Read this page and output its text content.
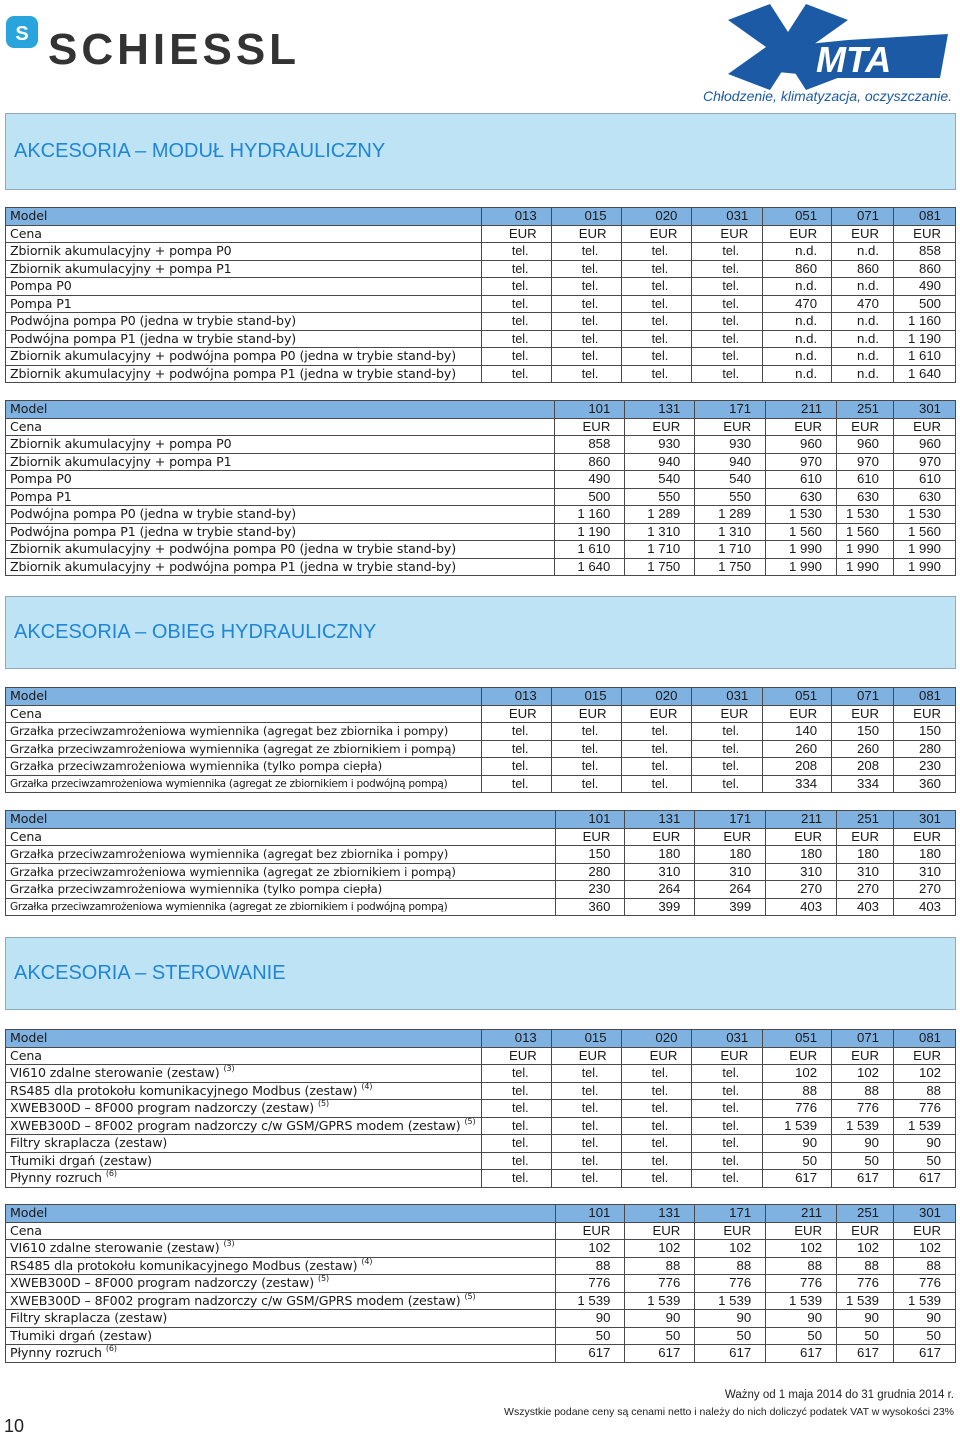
S SCHIESSL	MTA
Chłodzenie, klimatyzacja, oczyszczanie.
AKCESORIA – MODUŁ HYDRAULICZNY
AKCESORIA – OBIEG HYDRAULICZNY
AKCESORIA – STEROWANIE
Model	013	015	020	031	051	071	081
Cena	EUR	EUR	EUR	EUR	EUR	EUR	EUR
Zbiornik akumulacyjny + pompa P0	tel.	tel.	tel.	tel.	n.d.	n.d.	858
Zbiornik akumulacyjny + pompa P1	tel.	tel.	tel.	tel.	860	860	860
Pompa P0	tel.	tel.	tel.	tel.	n.d.	n.d.	490
Pompa P1	tel.	tel.	tel.	tel.	470	470	500
Podwójna pompa P0 (jedna w trybie stand-by)	tel.	tel.	tel.	tel.	n.d.	n.d.	1 160
Podwójna pompa P1 (jedna w trybie stand-by)	tel.	tel.	tel.	tel.	n.d.	n.d.	1 190
Zbiornik akumulacyjny + podwójna pompa P0 (jedna w trybie stand-by)	tel.	tel.	tel.	tel.	n.d.	n.d.	1 610
Zbiornik akumulacyjny + podwójna pompa P1 (jedna w trybie stand-by)	tel.	tel.	tel.	tel.	n.d.	n.d.	1 640
Model	101	131	171	211	251	301
Cena	EUR	EUR	EUR	EUR	EUR	EUR
Zbiornik akumulacyjny + pompa P0	858	930	930	960	960	960
Zbiornik akumulacyjny + pompa P1	860	940	940	970	970	970
Pompa P0	490	540	540	610	610	610
Pompa P1	500	550	550	630	630	630
Podwójna pompa P0 (jedna w trybie stand-by)	1 160	1 289	1 289	1 530	1 530	1 530
Podwójna pompa P1 (jedna w trybie stand-by)	1 190	1 310	1 310	1 560	1 560	1 560
Zbiornik akumulacyjny + podwójna pompa P0 (jedna w trybie stand-by)	1 610	1 710	1 710	1 990	1 990	1 990
Zbiornik akumulacyjny + podwójna pompa P1 (jedna w trybie stand-by)	1 640	1 750	1 750	1 990	1 990	1 990
Model	013	015	020	031	051	071	081
Cena	EUR	EUR	EUR	EUR	EUR	EUR	EUR
Grzałka przeciwzamrożeniowa wymiennika (agregat bez zbiornika i pompy)	tel.	tel.	tel.	tel.	140	150	150
Grzałka przeciwzamrożeniowa wymiennika (agregat ze zbiornikiem i pompą)	tel.	tel.	tel.	tel.	260	260	280
Grzałka przeciwzamrożeniowa wymiennika (tylko pompa ciepła)	tel.	tel.	tel.	tel.	208	208	230
Grzałka przeciwzamrożeniowa wymiennika (agregat ze zbiornikiem i podwójną pompą)	tel.	tel.	tel.	tel.	334	334	360
Model	101	131	171	211	251	301
Cena	EUR	EUR	EUR	EUR	EUR	EUR
Grzałka przeciwzamrożeniowa wymiennika (agregat bez zbiornika i pompy)	150	180	180	180	180	180
Grzałka przeciwzamrożeniowa wymiennika (agregat ze zbiornikiem i pompą)	280	310	310	310	310	310
Grzałka przeciwzamrożeniowa wymiennika (tylko pompa ciepła)	230	264	264	270	270	270
Grzałka przeciwzamrożeniowa wymiennika (agregat ze zbiornikiem i podwójną pompą)	360	399	399	403	403	403
Model	013	015	020	031	051	071	081
Cena	EUR	EUR	EUR	EUR	EUR	EUR	EUR
VI610 zdalne sterowanie (zestaw) $^{(3)}$	tel.	tel.	tel.	tel.	102	102	102
RS485 dla protokołu komunikacyjnego Modbus (zestaw) $^{(4)}$	tel.	tel.	tel.	tel.	88	88	88
XWEB300D – 8F000 program nadzorczy (zestaw) $^{(5)}$	tel.	tel.	tel.	tel.	776	776	776
XWEB300D – 8F002 program nadzorczy c/w GSM/GPRS modem (zestaw) $^{(5)}$	tel.	tel.	tel.	tel.	1 539	1 539	1 539
Filtry skraplacza (zestaw)	tel.	tel.	tel.	tel.	90	90	90
Tłumiki drgań (zestaw)	tel.	tel.	tel.	tel.	50	50	50
Płynny rozruch $^{(6)}$	tel.	tel.	tel.	tel.	617	617	617
Model	101	131	171	211	251	301
Cena	EUR	EUR	EUR	EUR	EUR	EUR
VI610 zdalne sterowanie (zestaw) $^{(3)}$	102	102	102	102	102	102
RS485 dla protokołu komunikacyjnego Modbus (zestaw) $^{(4)}$	88	88	88	88	88	88
XWEB300D – 8F000 program nadzorczy (zestaw) $^{(5)}$	776	776	776	776	776	776
XWEB300D – 8F002 program nadzorczy c/w GSM/GPRS modem (zestaw) $^{(5)}$	1 539	1 539	1 539	1 539	1 539	1 539
Filtry skraplacza (zestaw)	90	90	90	90	90	90
Tłumiki drgań (zestaw)	50	50	50	50	50	50
Płynny rozruch $^{(6)}$	617	617	617	617	617	617
10
Ważny od 1 maja 2014 do 31 grudnia 2014 r.
Wszystkie podane ceny są cenami netto i należy do nich doliczyć podatek VAT w wysokości 23%
